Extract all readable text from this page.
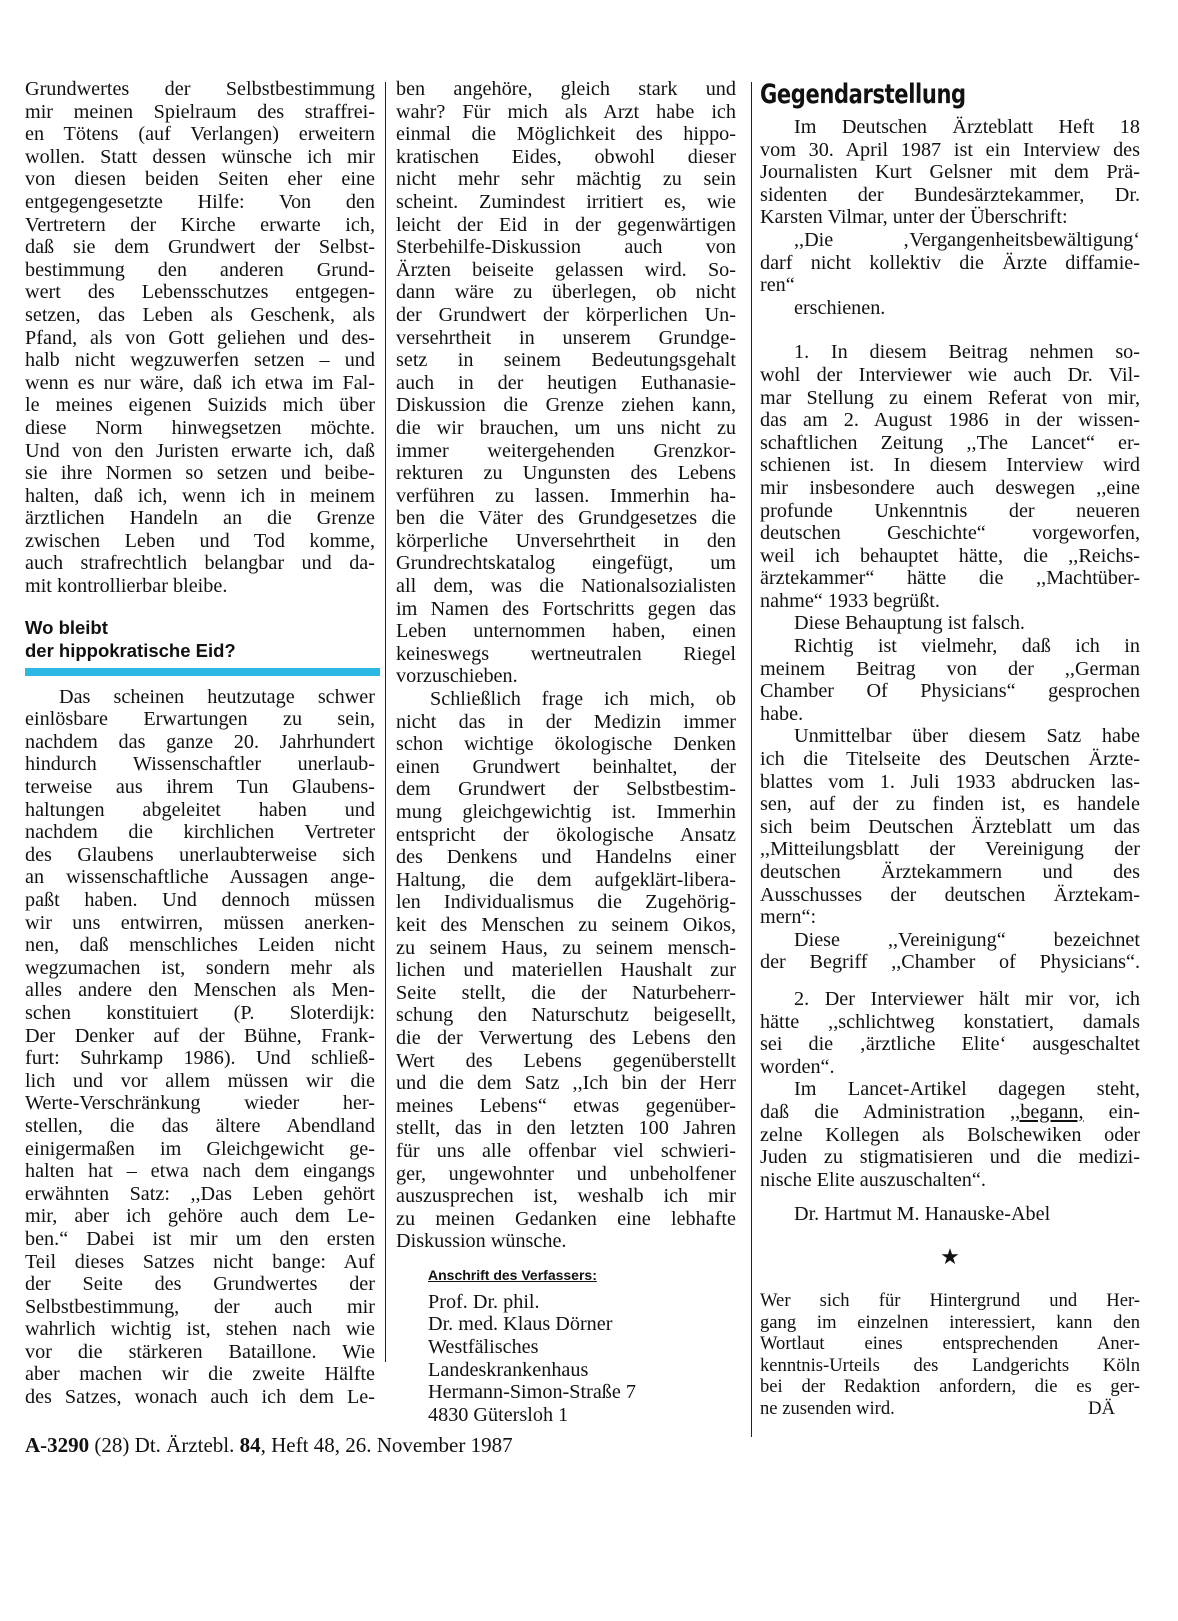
Grundwertes der Selbstbestimmung
mir meinen Spielraum des straffrei-
en Tötens (auf Verlangen) erweitern
wollen. Statt dessen wünsche ich mir
von diesen beiden Seiten eher eine
entgegengesetzte Hilfe: Von den
Vertretern der Kirche erwarte ich,
daß sie dem Grundwert der Selbst-
bestimmung den anderen Grund-
wert des Lebensschutzes entgegen-
setzen, das Leben als Geschenk, als
Pfand, als von Gott geliehen und des-
halb nicht wegzuwerfen setzen – und
wenn es nur wäre, daß ich etwa im Fal-
le meines eigenen Suizids mich über
diese Norm hinwegsetzen möchte.
Und von den Juristen erwarte ich, daß
sie ihre Normen so setzen und beibe-
halten, daß ich, wenn ich in meinem
ärztlichen Handeln an die Grenze
zwischen Leben und Tod komme,
auch strafrechtlich belangbar und da-
mit kontrollierbar bleibe.
Wo bleibt
der hippokratische Eid?
Das scheinen heutzutage schwer
einlösbare Erwartungen zu sein,
nachdem das ganze 20. Jahrhundert
hindurch Wissenschaftler unerlaub-
terweise aus ihrem Tun Glaubens-
haltungen abgeleitet haben und
nachdem die kirchlichen Vertreter
des Glaubens unerlaubterweise sich
an wissenschaftliche Aussagen ange-
paßt haben. Und dennoch müssen
wir uns entwirren, müssen anerken-
nen, daß menschliches Leiden nicht
wegzumachen ist, sondern mehr als
alles andere den Menschen als Men-
schen konstituiert (P. Sloterdijk:
Der Denker auf der Bühne, Frank-
furt: Suhrkamp 1986). Und schließ-
lich und vor allem müssen wir die
Werte-Verschränkung wieder her-
stellen, die das ältere Abendland
einigermaßen im Gleichgewicht ge-
halten hat – etwa nach dem eingangs
erwähnten Satz: ,,Das Leben gehört
mir, aber ich gehöre auch dem Le-
ben.“ Dabei ist mir um den ersten
Teil dieses Satzes nicht bange: Auf
der Seite des Grundwertes der
Selbstbestimmung, der auch mir
wahrlich wichtig ist, stehen nach wie
vor die stärkeren Bataillone. Wie
aber machen wir die zweite Hälfte
des Satzes, wonach auch ich dem Le-
ben angehöre, gleich stark und
wahr? Für mich als Arzt habe ich
einmal die Möglichkeit des hippo-
kratischen Eides, obwohl dieser
nicht mehr sehr mächtig zu sein
scheint. Zumindest irritiert es, wie
leicht der Eid in der gegenwärtigen
Sterbehilfe-Diskussion auch von
Ärzten beiseite gelassen wird. So-
dann wäre zu überlegen, ob nicht
der Grundwert der körperlichen Un-
versehrtheit in unserem Grundge-
setz in seinem Bedeutungsgehalt
auch in der heutigen Euthanasie-
Diskussion die Grenze ziehen kann,
die wir brauchen, um uns nicht zu
immer weitergehenden Grenzkor-
rekturen zu Ungunsten des Lebens
verführen zu lassen. Immerhin ha-
ben die Väter des Grundgesetzes die
körperliche Unversehrtheit in den
Grundrechtskatalog eingefügt, um
all dem, was die Nationalsozialisten
im Namen des Fortschritts gegen das
Leben unternommen haben, einen
keineswegs wertneutralen Riegel
vorzuschieben.
Schließlich frage ich mich, ob
nicht das in der Medizin immer
schon wichtige ökologische Denken
einen Grundwert beinhaltet, der
dem Grundwert der Selbstbestim-
mung gleichgewichtig ist. Immerhin
entspricht der ökologische Ansatz
des Denkens und Handelns einer
Haltung, die dem aufgeklärt-libera-
len Individualismus die Zugehörig-
keit des Menschen zu seinem Oikos,
zu seinem Haus, zu seinem mensch-
lichen und materiellen Haushalt zur
Seite stellt, die der Naturbeherr-
schung den Naturschutz beigesellt,
die der Verwertung des Lebens den
Wert des Lebens gegenüberstellt
und die dem Satz ,,Ich bin der Herr
meines Lebens“ etwas gegenüber-
stellt, das in den letzten 100 Jahren
für uns alle offenbar viel schwieri-
ger, ungewohnter und unbeholfener
auszusprechen ist, weshalb ich mir
zu meinen Gedanken eine lebhafte
Diskussion wünsche.
Anschrift des Verfassers:
Prof. Dr. phil.
Dr. med. Klaus Dörner
Westfälisches
Landeskrankenhaus
Hermann-Simon-Straße 7
4830 Gütersloh 1
Gegendarstellung
Im Deutschen Ärzteblatt Heft 18
vom 30. April 1987 ist ein Interview des
Journalisten Kurt Gelsner mit dem Prä-
sidenten der Bundesärztekammer, Dr.
Karsten Vilmar, unter der Überschrift:
,,Die ‚Vergangenheitsbewältigung‘
darf nicht kollektiv die Ärzte diffamie-
ren“
erschienen.
1. In diesem Beitrag nehmen so-
wohl der Interviewer wie auch Dr. Vil-
mar Stellung zu einem Referat von mir,
das am 2. August 1986 in der wissen-
schaftlichen Zeitung ,,The Lancet“ er-
schienen ist. In diesem Interview wird
mir insbesondere auch deswegen ,,eine
profunde Unkenntnis der neueren
deutschen Geschichte“ vorgeworfen,
weil ich behauptet hätte, die ,,Reichs-
ärztekammer“ hätte die ,,Machtüber-
nahme“ 1933 begrüßt.
Diese Behauptung ist falsch.
Richtig ist vielmehr, daß ich in
meinem Beitrag von der ,,German
Chamber Of Physicians“ gesprochen
habe.
Unmittelbar über diesem Satz habe
ich die Titelseite des Deutschen Ärzte-
blattes vom 1. Juli 1933 abdrucken las-
sen, auf der zu finden ist, es handele
sich beim Deutschen Ärzteblatt um das
,,Mitteilungsblatt der Vereinigung der
deutschen Ärztekammern und des
Ausschusses der deutschen Ärztekam-
mern“:
Diese ,,Vereinigung“ bezeichnet
der Begriff ,,Chamber of Physicians“.
2. Der Interviewer hält mir vor, ich
hätte ,,schlichtweg konstatiert, damals
sei die ‚ärztliche Elite‘ ausgeschaltet
worden“.
Im Lancet-Artikel dagegen steht,
daß die Administration ,,begann, ein-
zelne Kollegen als Bolschewiken oder
Juden zu stigmatisieren und die medizi-
nische Elite auszuschalten“.
Dr. Hartmut M. Hanauske-Abel
★
Wer sich für Hintergrund und Her-
gang im einzelnen interessiert, kann den
Wortlaut eines entsprechenden Aner-
kenntnis-Urteils des Landgerichts Köln
bei der Redaktion anfordern, die es ger-
ne zusenden wird.	DÄ
A-3290 (28) Dt. Ärztebl. 84, Heft 48, 26. November 1987
